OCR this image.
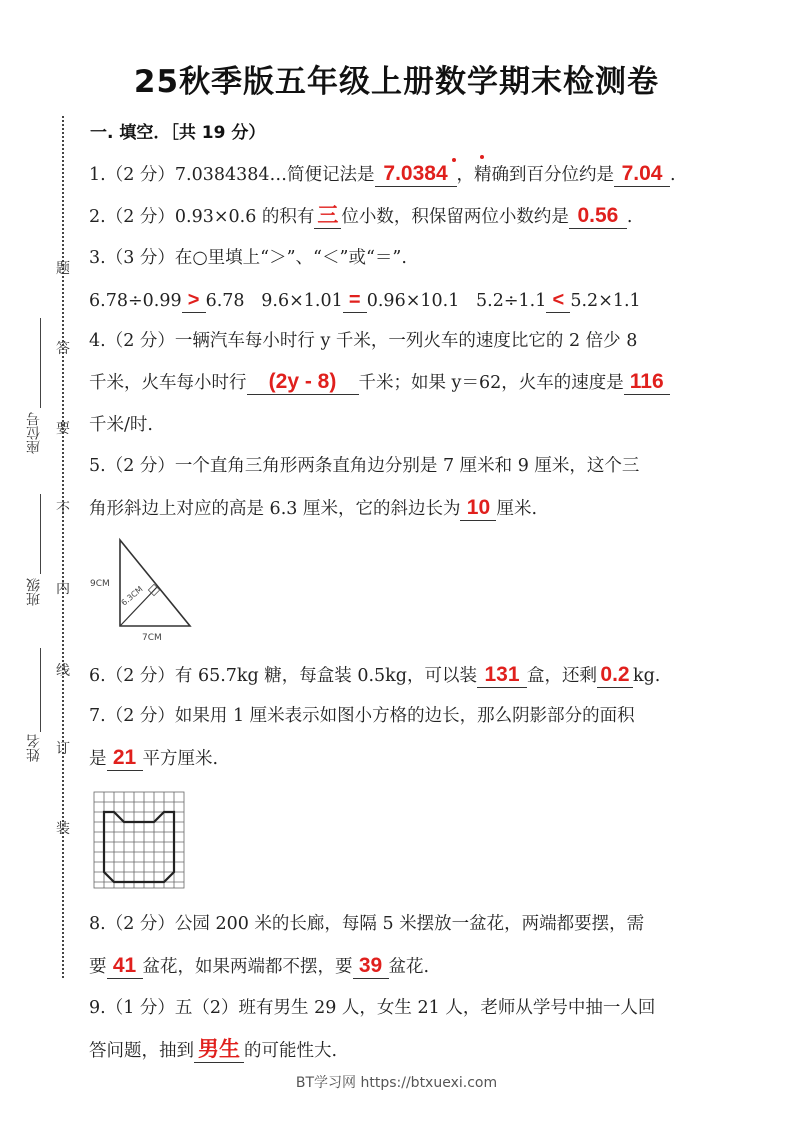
25秋季版五年级上册数学期末检测卷
一. 填空．［共 19 分）
题
答
要
不
内
线
订
装
座位号
班级
姓名
1.（2 分）7.0384384…简便记法是 7.0384 ，精确到百分位约是 7.04 .
2.（2 分）0.93×0.6 的积有 三 位小数，积保留两位小数约是 0.56 .
3.（3 分）在○里填上“＞”、“＜”或“＝”.
6.78÷0.99 > 6.78 9.6×1.01 = 0.96×10.1 5.2÷1.1 < 5.2×1.1
4.（2 分）一辆汽车每小时行 y 千米，一列火车的速度比它的 2 倍少 8
千米，火车每小时行 (2y - 8) 千米；如果 y＝62，火车的速度是 116
千米/时.
5.（2 分）一个直角三角形两条直角边分别是 7 厘米和 9 厘米，这个三
角形斜边上对应的高是 6.3 厘米，它的斜边长为 10 厘米.
9CM
6.3CM
7CM
6.（2 分）有 65.7kg 糖，每盒装 0.5kg，可以装 131 盒，还剩 0.2 kg.
7.（2 分）如果用 1 厘米表示如图小方格的边长，那么阴影部分的面积
是 21 平方厘米.
8.（2 分）公园 200 米的长廊，每隔 5 米摆放一盆花，两端都要摆，需
要 41 盆花，如果两端都不摆，要 39 盆花.
9.（1 分）五（2）班有男生 29 人，女生 21 人，老师从学号中抽一人回
答问题，抽到 男生 的可能性大.
BT学习网 https://btxuexi.com
